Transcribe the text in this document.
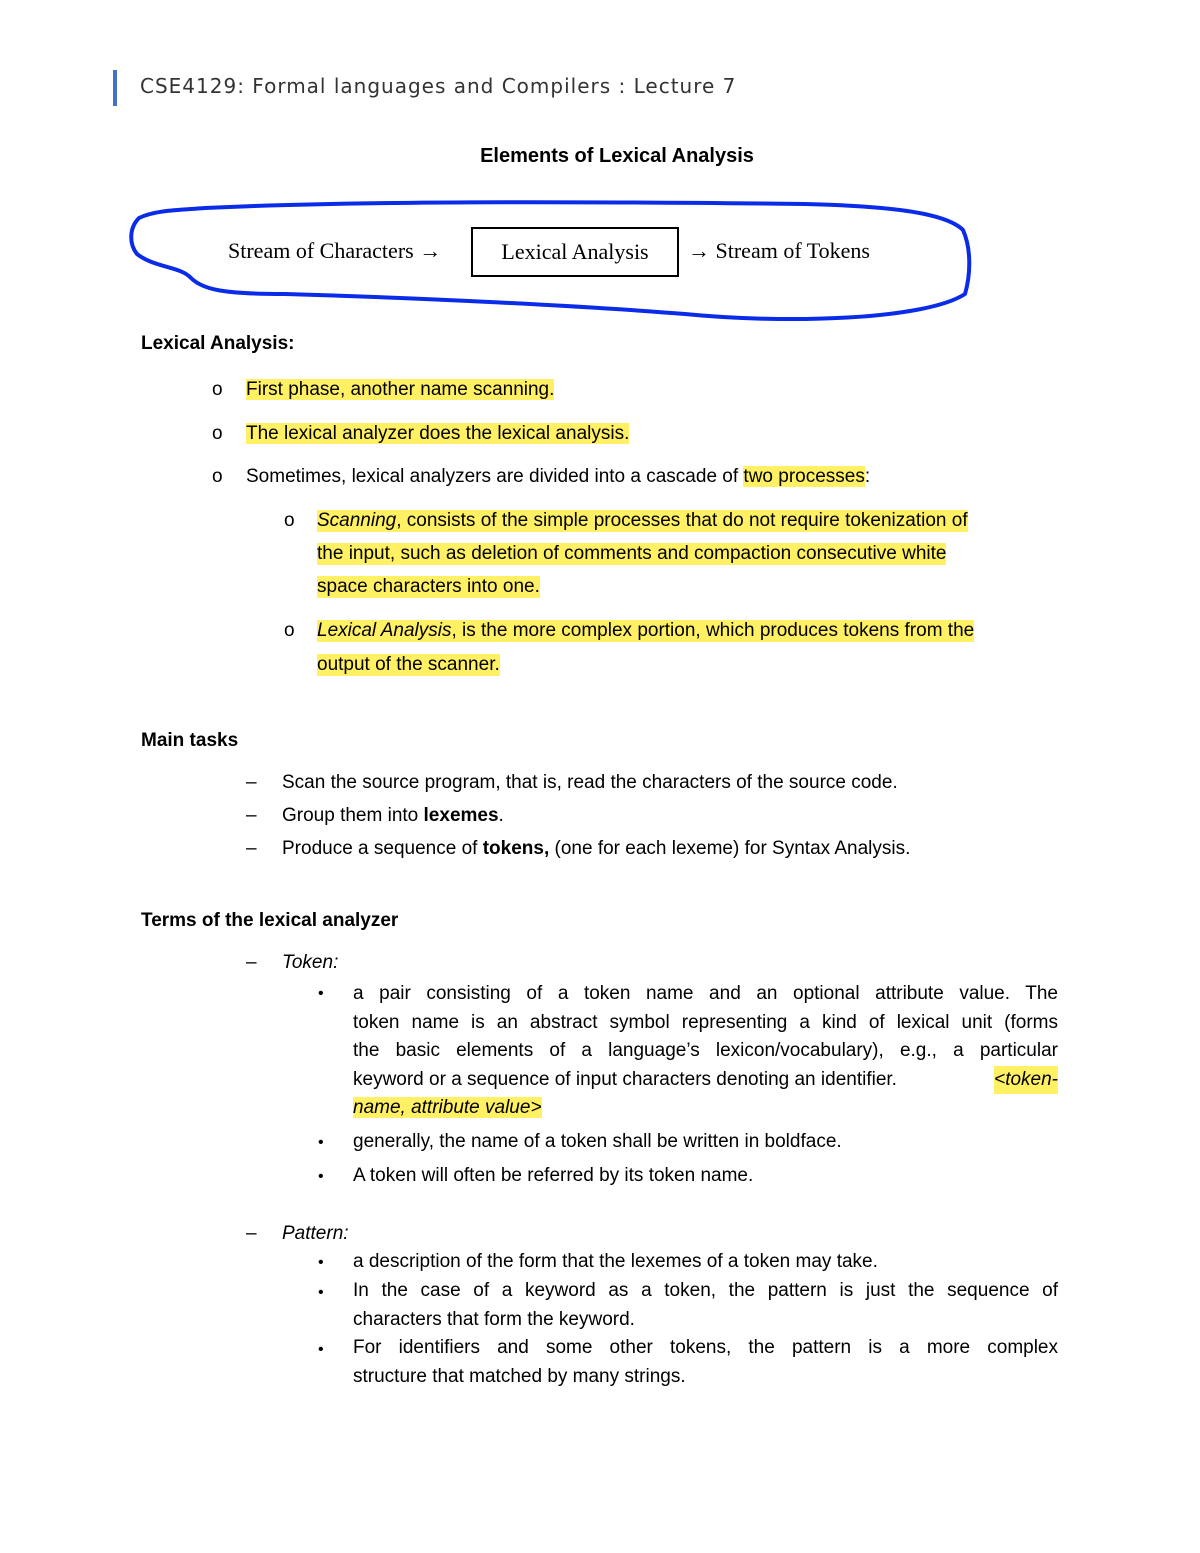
CSE4129: Formal languages and Compilers : Lecture 7
Elements of Lexical Analysis
Stream of Characters →	Lexical Analysis → Stream of Tokens
Lexical Analysis:
o First phase, another name scanning.
o The lexical analyzer does the lexical analysis.
o Sometimes, lexical analyzers are divided into a cascade of two processes:
o Scanning, consists of the simple processes that do not require tokenization of
the input, such as deletion of comments and compaction consecutive white
space characters into one.
o Lexical Analysis, is the more complex portion, which produces tokens from the
output of the scanner.
Main tasks
– Scan the source program, that is, read the characters of the source code.
– Group them into lexemes.
– Produce a sequence of tokens, (one for each lexeme) for Syntax Analysis.
Terms of the lexical analyzer
– Token:
• a pair consisting of a token name and an optional attribute value. The
token name is an abstract symbol representing a kind of lexical unit (forms
the basic elements of a language’s lexicon/vocabulary), e.g., a particular
keyword or a sequence of input characters denoting an identifier.	<token-
name, attribute value>
• generally, the name of a token shall be written in boldface.
• A token will often be referred by its token name.
– Pattern:
• a description of the form that the lexemes of a token may take.
• In the case of a keyword as a token, the pattern is just the sequence of
characters that form the keyword.
• For identifiers and some other tokens, the pattern is a more complex
structure that matched by many strings.
